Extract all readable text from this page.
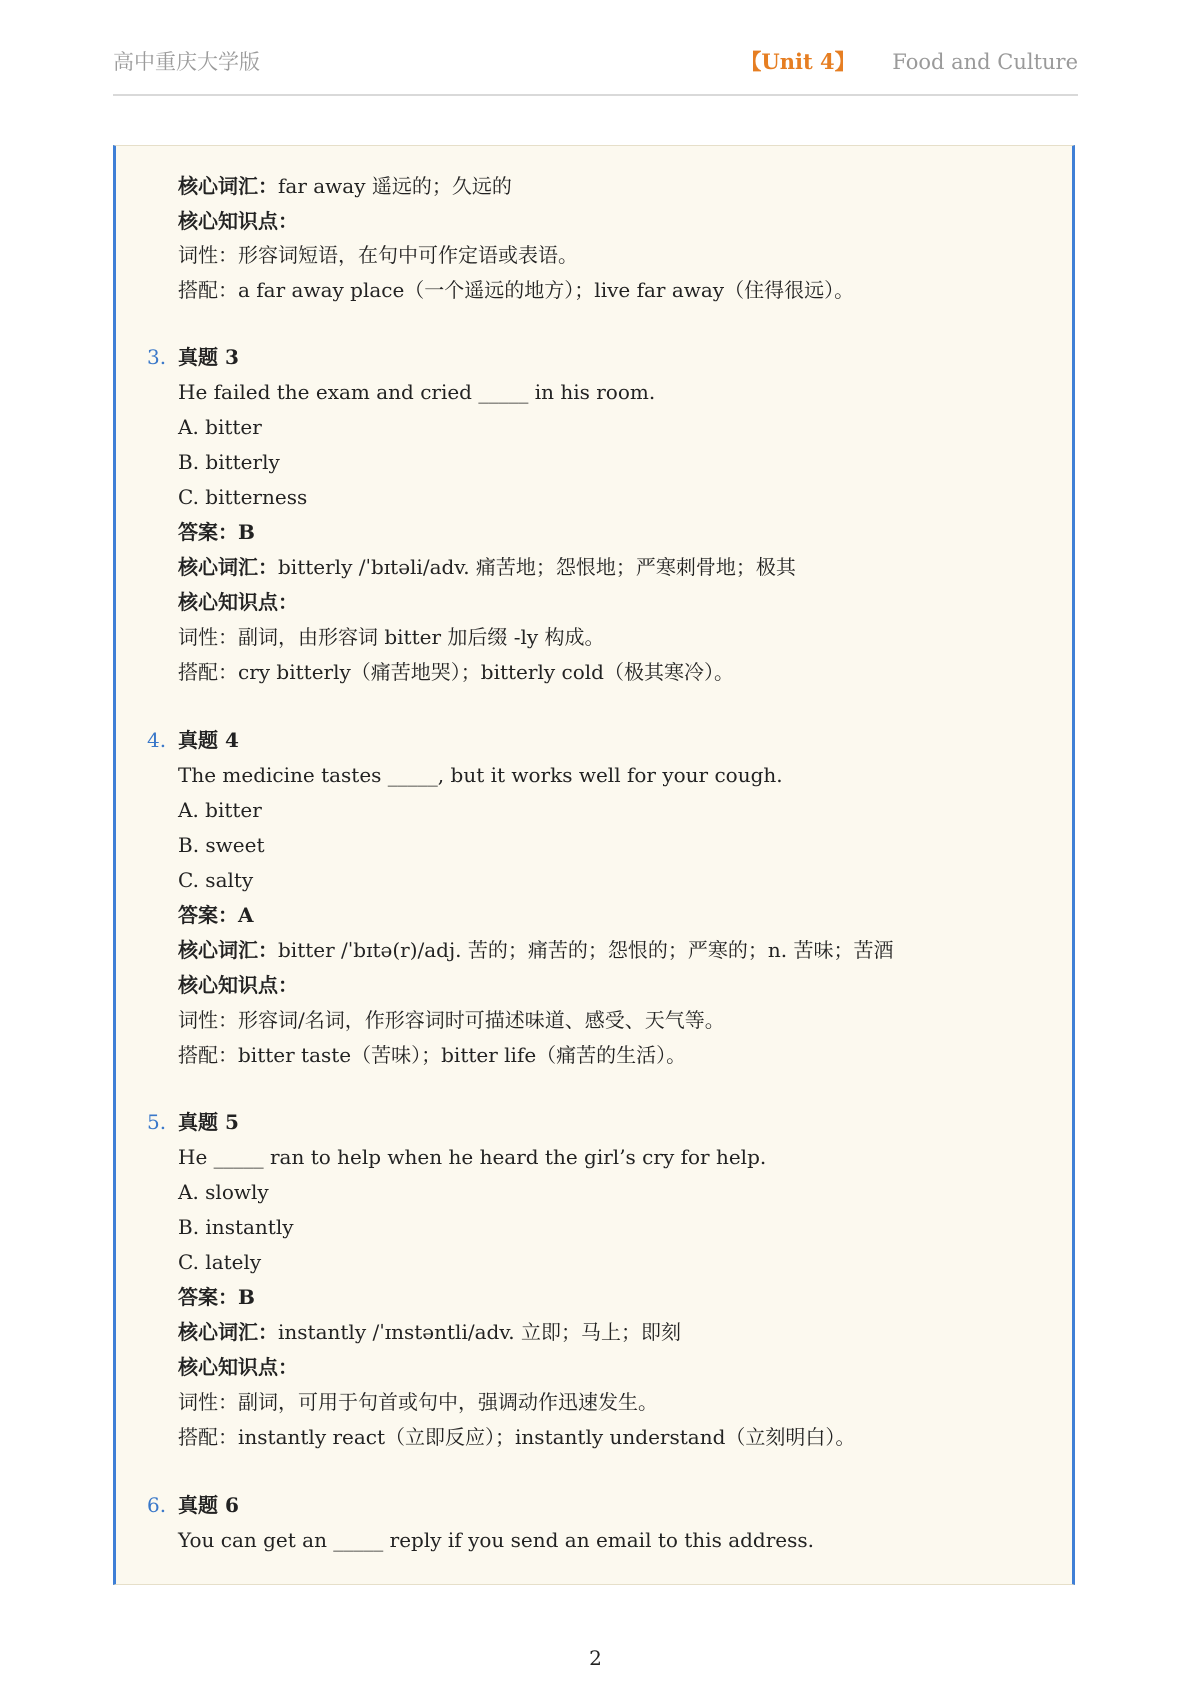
高中重庆大学版	【Unit 4】 Food and Culture
核心词汇：far away 遥远的；久远的
核心知识点：
词性：形容词短语，在句中可作定语或表语。
搭配：a far away place（一个遥远的地方）；live far away（住得很远）。
3. 真题 3
He failed the exam and cried _____ in his room.
A. bitter
B. bitterly
C. bitterness
答案：B
核心词汇：bitterly /ˈbɪtəli/adv. 痛苦地；怨恨地；严寒刺骨地；极其
核心知识点：
词性：副词，由形容词 bitter 加后缀 -ly 构成。
搭配：cry bitterly（痛苦地哭）；bitterly cold（极其寒冷）。
4. 真题 4
The medicine tastes _____, but it works well for your cough.
A. bitter
B. sweet
C. salty
答案：A
核心词汇：bitter /ˈbɪtə(r)/adj. 苦的；痛苦的；怨恨的；严寒的；n. 苦味；苦酒
核心知识点：
词性：形容词/名词，作形容词时可描述味道、感受、天气等。
搭配：bitter taste（苦味）；bitter life（痛苦的生活）。
5. 真题 5
He _____ ran to help when he heard the girl’s cry for help.
A. slowly
B. instantly
C. lately
答案：B
核心词汇：instantly /ˈɪnstəntli/adv. 立即；马上；即刻
核心知识点：
词性：副词，可用于句首或句中，强调动作迅速发生。
搭配：instantly react（立即反应）；instantly understand（立刻明白）。
6. 真题 6
You can get an _____ reply if you send an email to this address.
2
